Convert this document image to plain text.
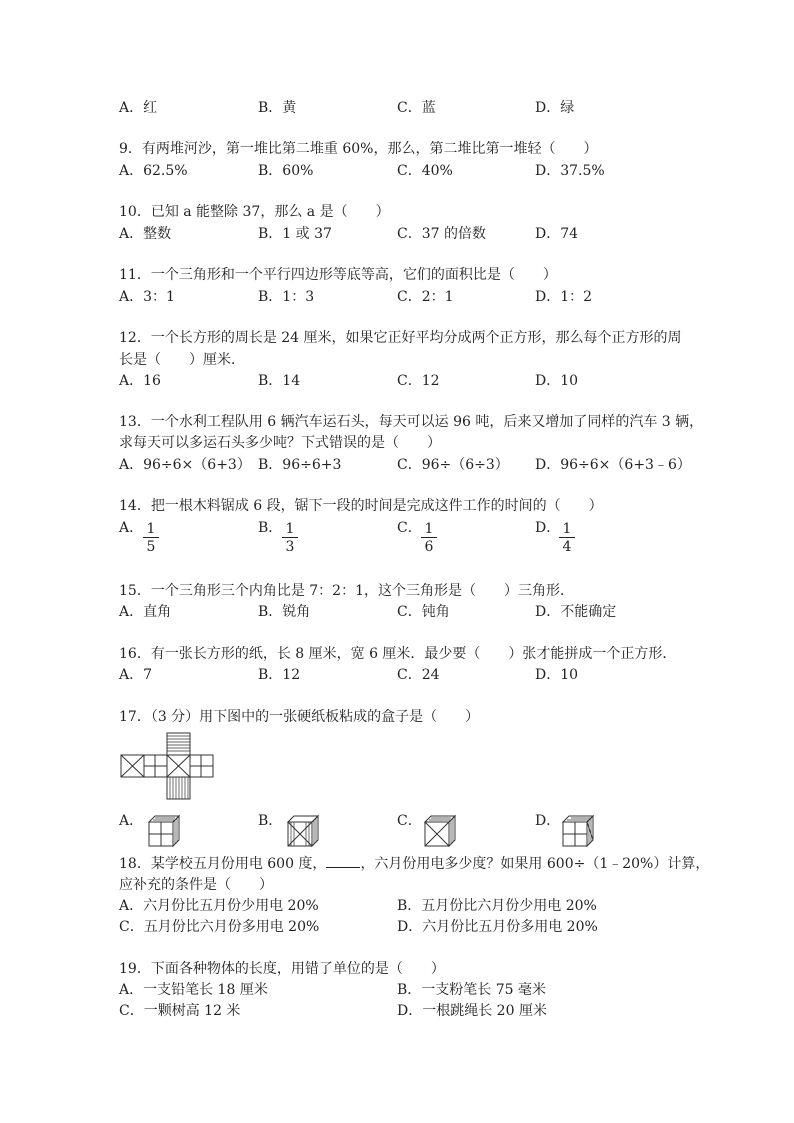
A．红	B．黄	C．蓝	D．绿
9．有两堆河沙，第一堆比第二堆重 60%，那么，第二堆比第一堆轻（　　）
A．62.5%	B．60%	C．40%	D．37.5%
10．已知 a 能整除 37，那么 a 是（　　）
A．整数	B．1 或 37	C．37 的倍数	D．74
11．一个三角形和一个平行四边形等底等高，它们的面积比是（　　）
A．3：1	B．1：3	C．2：1	D．1：2
12．一个长方形的周长是 24 厘米，如果它正好平均分成两个正方形，那么每个正方形的周
长是（　　）厘米．
A．16	B．14	C．12	D．10
13．一个水利工程队用 6 辆汽车运石头，每天可以运 96 吨，后来又增加了同样的汽车 3 辆，
求每天可以多运石头多少吨？下式错误的是（　　）
A．96÷6×（6+3） B．96÷6+3	C．96÷（6÷3） D．96÷6×（6+3﹣6）
14．把一根木料锯成 6 段，锯下一段的时间是完成这件工作的时间的（　　）
A． $\frac{1}{5}$	B． $\frac{1}{3}$	C． $\frac{1}{6}$	D．
$\frac{1}{4}$
15．一个三角形三个内角比是 7：2：1，这个三角形是（　　）三角形．
A．直角	B．锐角	C．钝角	D．不能确定
16．有一张长方形的纸，长 8 厘米，宽 6 厘米．最少要（　　）张才能拼成一个正方形．
A．7	B．12	C．24	D．10
17．（3 分）用下图中的一张硬纸板粘成的盒子是（　　）
A．	B．	C．	D．
18．某学校五月份用电 600 度， ，六月份用电多少度？如果用 600÷（1﹣20%）计算，
应补充的条件是（　　）
A．六月份比五月份少用电 20%	B．五月份比六月份少用电 20%
C．五月份比六月份多用电 20%	D．六月份比五月份多用电 20%
19．下面各种物体的长度，用错了单位的是（　　）
A．一支铅笔长 18 厘米	B．一支粉笔长 75 毫米
C．一颗树高 12 米	D．一根跳绳长 20 厘米
